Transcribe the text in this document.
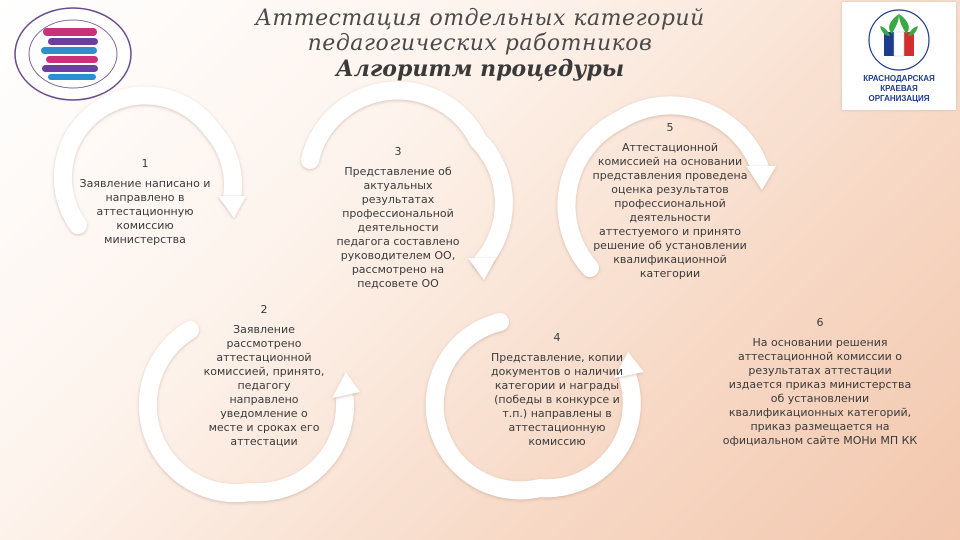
КРАСНОДАРСКАЯ
КРАЕВАЯ
ОРГАНИЗАЦИЯ
Аттестация отдельных категорий
педагогических работников
Алгоритм процедуры
1
Заявление написано и направлено в аттестационную комиссию министерства
2
Заявление рассмотрено аттестационной комиссией, принято, педагогу направлено уведомление о месте и сроках его аттестации
3
Представление об актуальных результатах профессиональной деятельности педагога составлено руководителем ОО, рассмотрено на педсовете ОО
4
Представление, копии документов о наличии категории и награды (победы в конкурсе и т.п.) направлены в аттестационную комиссию
5
Аттестационной комиссией на основании представления проведена оценка результатов профессиональной деятельности аттестуемого и принято решение об установлении квалификационной категории
6
На основании решения аттестационной комиссии о результатах аттестации издается приказ министерства об установлении квалификационных категорий, приказ размещается на официальном сайте МОНи МП КК
